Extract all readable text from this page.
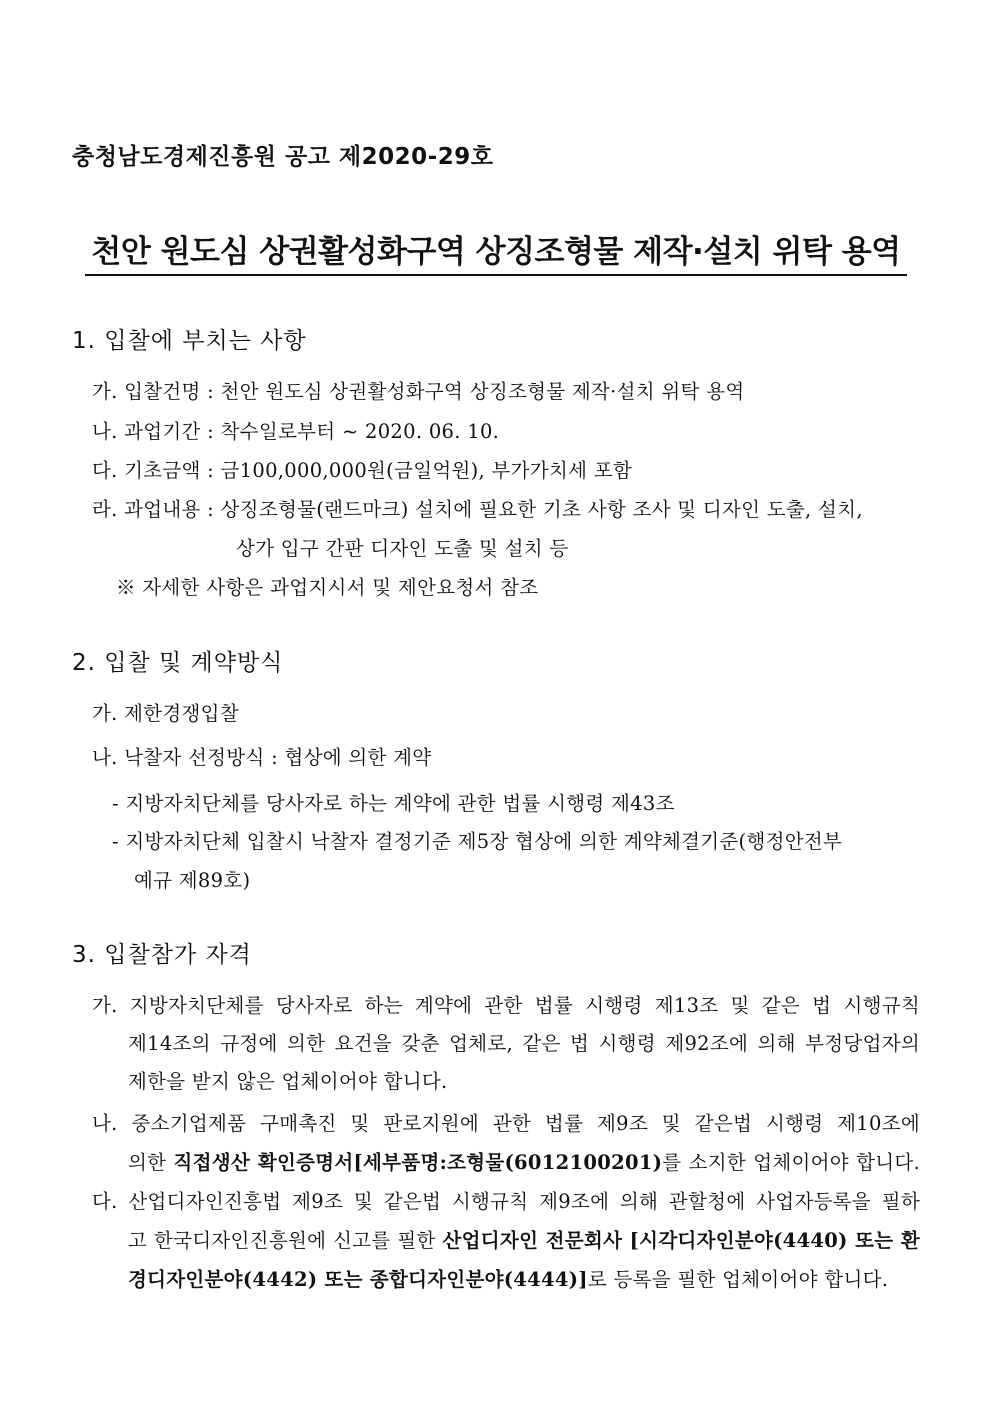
충청남도경제진흥원 공고 제2020-29호
천안 원도심 상권활성화구역 상징조형물 제작·설치 위탁 용역
1. 입찰에 부치는 사항
가. 입찰건명 : 천안 원도심 상권활성화구역 상징조형물 제작·설치 위탁 용역
나. 과업기간 : 착수일로부터 ~ 2020. 06. 10.
다. 기초금액 : 금100,000,000원(금일억원), 부가가치세 포함
라. 과업내용 : 상징조형물(랜드마크) 설치에 필요한 기초 사항 조사 및 디자인 도출, 설치,
상가 입구 간판 디자인 도출 및 설치 등
※ 자세한 사항은 과업지시서 및 제안요청서 참조
2. 입찰 및 계약방식
가. 제한경쟁입찰
나. 낙찰자 선정방식 : 협상에 의한 계약
- 지방자치단체를 당사자로 하는 계약에 관한 법률 시행령 제43조
- 지방자치단체 입찰시 낙찰자 결정기준 제5장 협상에 의한 계약체결기준(행정안전부
예규 제89호)
3. 입찰참가 자격
가. 지방자치단체를 당사자로 하는 계약에 관한 법률 시행령 제13조 및 같은 법 시행규칙
제14조의 규정에 의한 요건을 갖춘 업체로, 같은 법 시행령 제92조에 의해 부정당업자의
제한을 받지 않은 업체이어야 합니다.
나. 중소기업제품 구매촉진 및 판로지원에 관한 법률 제9조 및 같은법 시행령 제10조에
의한 직접생산 확인증명서[세부품명:조형물(6012100201)를 소지한 업체이어야 합니다.
다. 산업디자인진흥법 제9조 및 같은법 시행규칙 제9조에 의해 관할청에 사업자등록을 필하
고 한국디자인진흥원에 신고를 필한 산업디자인 전문회사 [시각디자인분야(4440) 또는 환
경디자인분야(4442) 또는 종합디자인분야(4444)]로 등록을 필한 업체이어야 합니다.
